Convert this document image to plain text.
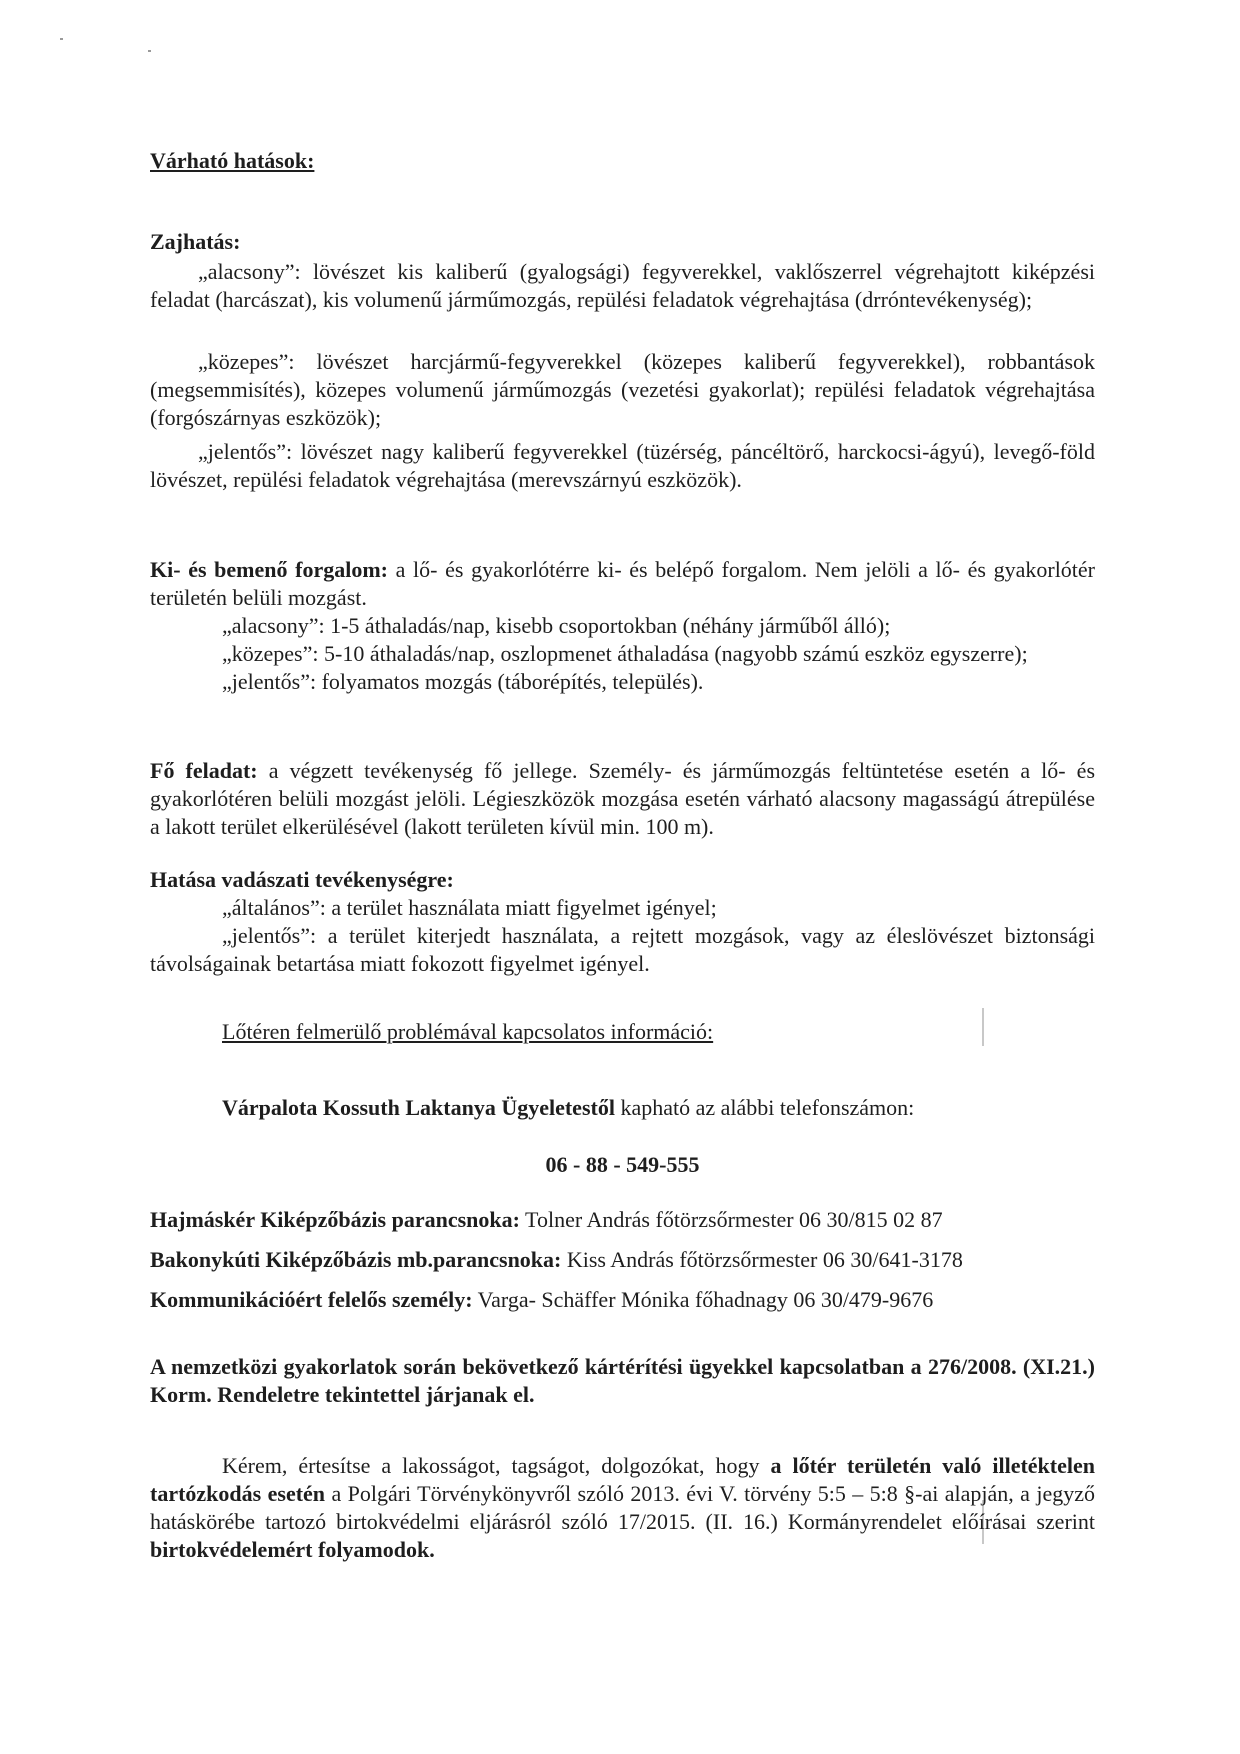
Várható hatások:
Zajhatás:
„alacsony”: lövészet kis kaliberű (gyalogsági) fegyverekkel, vaklőszerrel végrehajtott kiképzési feladat (harcászat), kis volumenű járműmozgás, repülési feladatok végrehajtása (drróntevékenység);
„közepes”: lövészet harcjármű-fegyverekkel (közepes kaliberű fegyverekkel), robbantások (megsemmisítés), közepes volumenű járműmozgás (vezetési gyakorlat); repülési feladatok végrehajtása (forgószárnyas eszközök);
„jelentős”: lövészet nagy kaliberű fegyverekkel (tüzérség, páncéltörő, harckocsi-ágyú), levegő-föld lövészet, repülési feladatok végrehajtása (merevszárnyú eszközök).
Ki- és bemenő forgalom: a lő- és gyakorlótérre ki- és belépő forgalom. Nem jelöli a lő- és gyakorlótér területén belüli mozgást.
„alacsony”: 1-5 áthaladás/nap, kisebb csoportokban (néhány járműből álló);
„közepes”: 5-10 áthaladás/nap, oszlopmenet áthaladása (nagyobb számú eszköz egyszerre);
„jelentős”: folyamatos mozgás (táborépítés, település).
Fő feladat: a végzett tevékenység fő jellege. Személy- és járműmozgás feltüntetése esetén a lő- és gyakorlótéren belüli mozgást jelöli. Légieszközök mozgása esetén várható alacsony magasságú átrepülése a lakott terület elkerülésével (lakott területen kívül min. 100 m).
Hatása vadászati tevékenységre:
„általános”: a terület használata miatt figyelmet igényel;
„jelentős”: a terület kiterjedt használata, a rejtett mozgások, vagy az éleslövészet biztonsági távolságainak betartása miatt fokozott figyelmet igényel.
Lőtéren felmerülő problémával kapcsolatos információ:
Várpalota Kossuth Laktanya Ügyeletestől kapható az alábbi telefonszámon:
06 - 88 - 549-555
Hajmáskér Kiképzőbázis parancsnoka: Tolner András főtörzsőrmester 06 30/815 02 87
Bakonykúti Kiképzőbázis mb.parancsnoka: Kiss András főtörzsőrmester 06 30/641-3178
Kommunikációért felelős személy: Varga- Schäffer Mónika főhadnagy 06 30/479-9676
A nemzetközi gyakorlatok során bekövetkező kártérítési ügyekkel kapcsolatban a 276/2008. (XI.21.) Korm. Rendeletre tekintettel járjanak el.
Kérem, értesítse a lakosságot, tagságot, dolgozókat, hogy a lőtér területén való illetéktelen tartózkodás esetén a Polgári Törvénykönyvről szóló 2013. évi V. törvény 5:5 – 5:8 §-ai alapján, a jegyző hatáskörébe tartozó birtokvédelmi eljárásról szóló 17/2015. (II. 16.) Kormányrendelet előírásai szerint birtokvédelemért folyamodok.
